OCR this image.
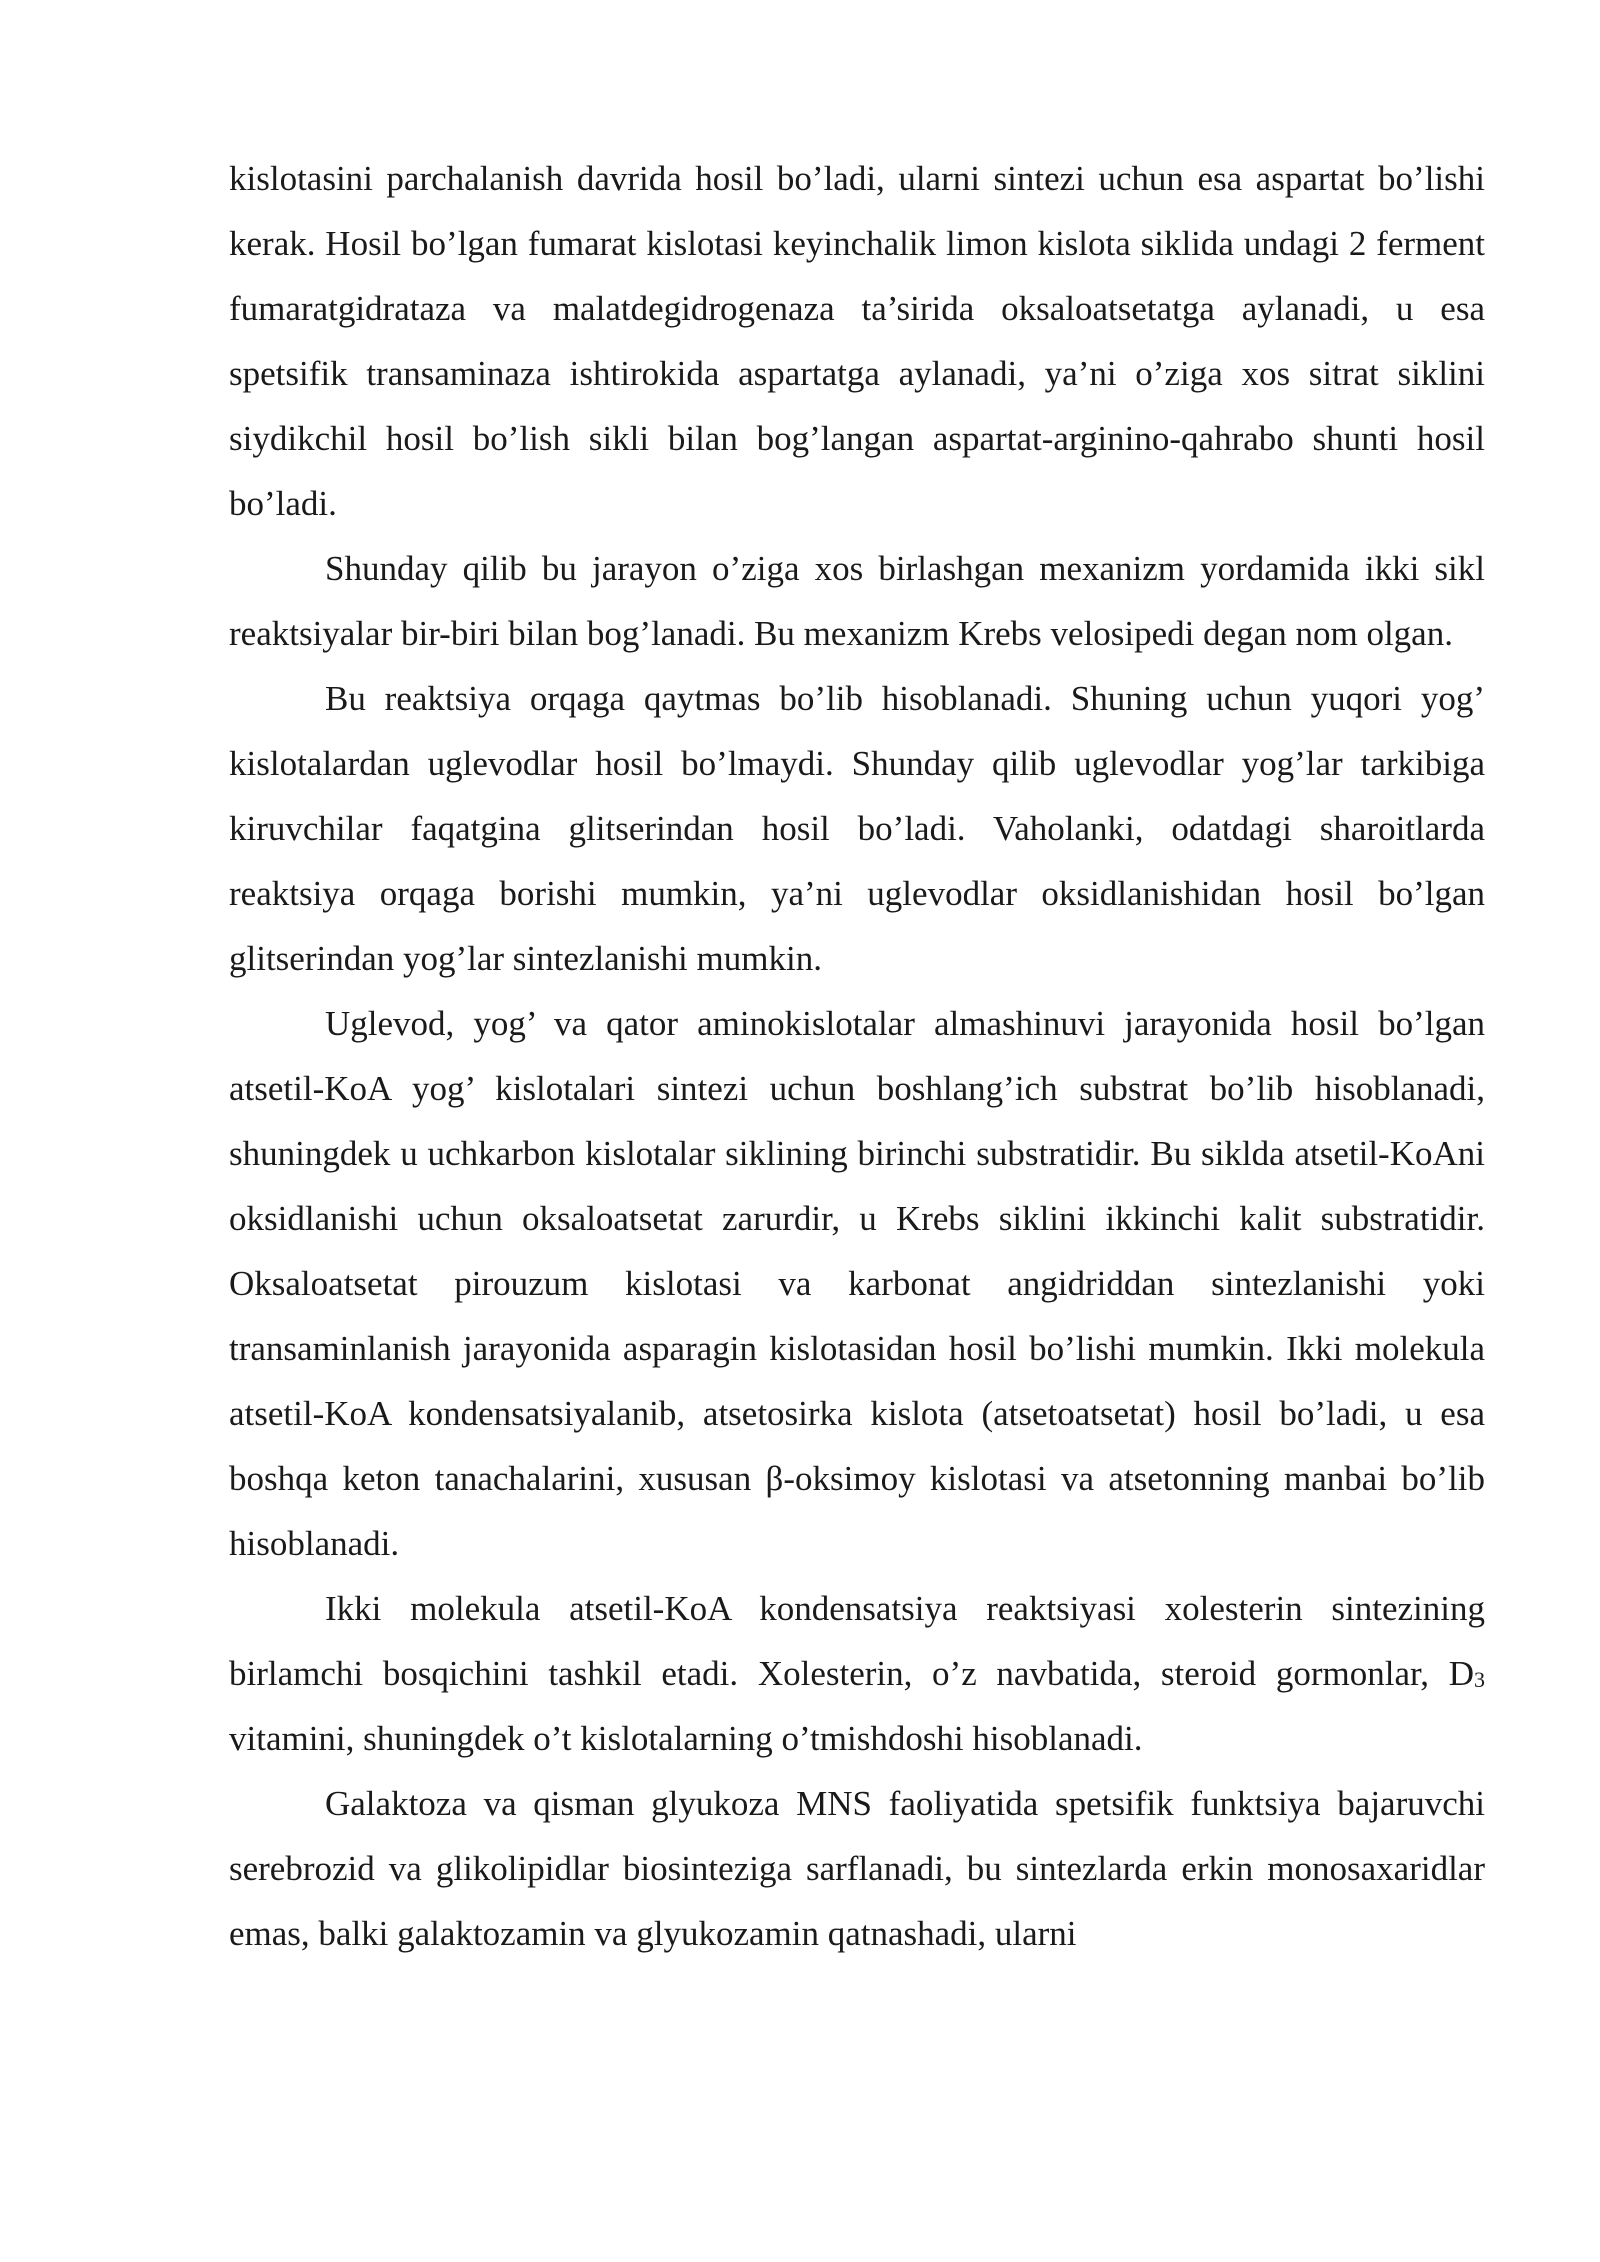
kislotasini parchalanish davrida hosil bo’ladi, ularni sintezi uchun esa aspartat bo’lishi kerak. Hosil bo’lgan fumarat kislotasi keyinchalik limon kislota siklida undagi 2 ferment fumaratgidrataza va malatdegidrogenaza ta’sirida oksaloatsetatga aylanadi, u esa spetsifik transaminaza ishtirokida aspartatga aylanadi, ya’ni o’ziga xos sitrat siklini siydikchil hosil bo’lish sikli bilan bog’langan aspartat-arginino-qahrabo shunti hosil bo’ladi.

Shunday qilib bu jarayon o’ziga xos birlashgan mexanizm yordamida ikki sikl reaktsiyalar bir-biri bilan bog’lanadi. Bu mexanizm Krebs velosipedi degan nom olgan.

Bu reaktsiya orqaga qaytmas bo’lib hisoblanadi. Shuning uchun yuqori yog’ kislotalardan uglevodlar hosil bo’lmaydi. Shunday qilib uglevodlar yog’lar tarkibiga kiruvchilar faqatgina glitserindan hosil bo’ladi. Vaholanki, odatdagi sharoitlarda reaktsiya orqaga borishi mumkin, ya’ni uglevodlar oksidlanishidan hosil bo’lgan glitserindan yog’lar sintezlanishi mumkin.

Uglevod, yog’ va qator aminokislotalar almashinuvi jarayonida hosil bo’lgan atsetil-KoA yog’ kislotalari sintezi uchun boshlang’ich substrat bo’lib hisoblanadi, shuningdek u uchkarbon kislotalar siklining birinchi substratidir. Bu siklda atsetil-KoAni oksidlanishi uchun oksaloatsetat zarurdir, u Krebs siklini ikkinchi kalit substratidir. Oksaloatsetat pirouzum kislotasi va karbonat angidriddan sintezlanishi yoki transaminlanish jarayonida asparagin kislotasidan hosil bo’lishi mumkin. Ikki molekula atsetil-KoA kondensatsiyalanib, atsetosirka kislota (atsetoatsetat) hosil bo’ladi, u esa boshqa keton tanachalarini, xususan β-oksimoy kislotasi va atsetonning manbai bo’lib hisoblanadi.

Ikki molekula atsetil-KoA kondensatsiya reaktsiyasi xolesterin sintezining birlamchi bosqichini tashkil etadi. Xolesterin, o’z navbatida, steroid gormonlar, $D_3$ vitamini, shuningdek o’t kislotalarning o’tmishdoshi hisoblanadi.

Galaktoza va qisman glyukoza MNS faoliyatida spetsifik funktsiya bajaruvchi serebrozid va glikolipidlar biosinteziga sarflanadi, bu sintezlarda erkin monosaxaridlar emas, balki galaktozamin va glyukozamin qatnashadi, ularni
